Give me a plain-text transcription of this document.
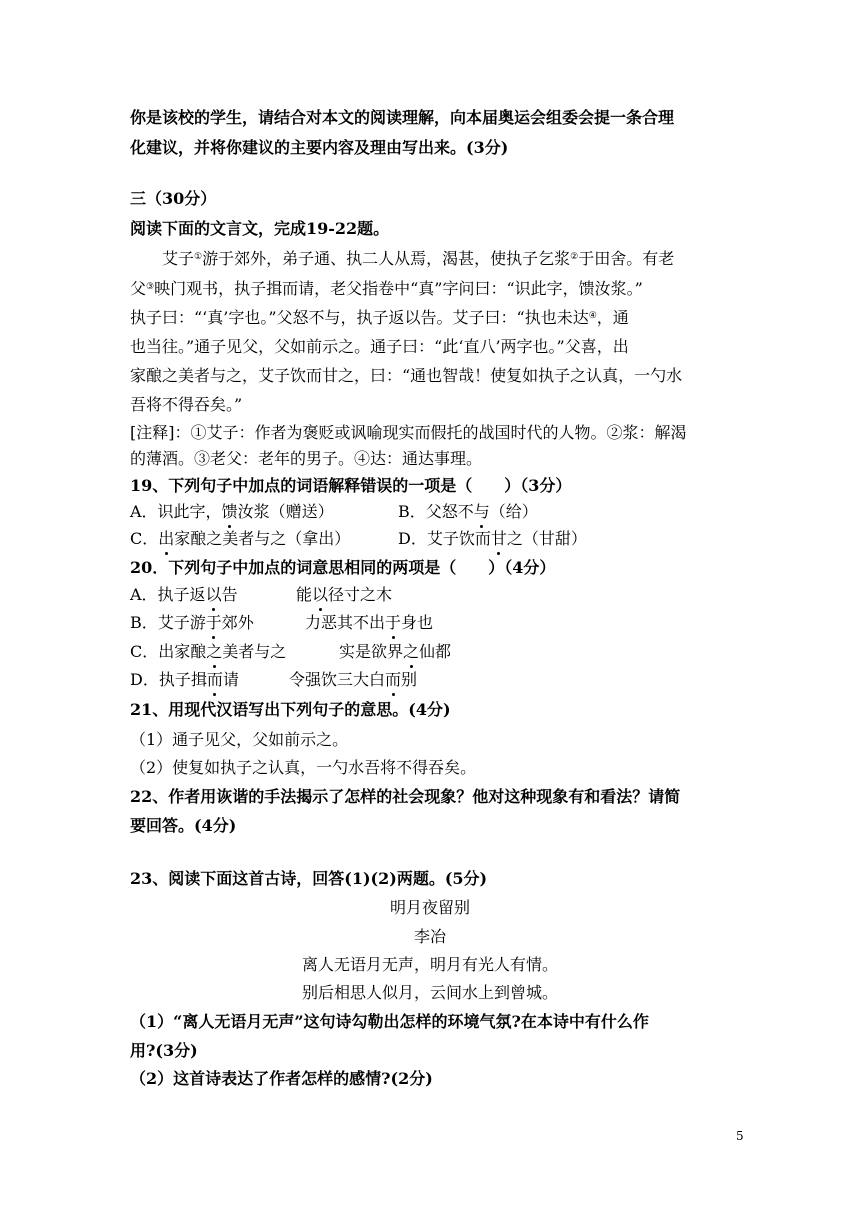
你是该校的学生，请结合对本文的阅读理解，向本届奥运会组委会提一条合理
化建议，并将你建议的主要内容及理由写出来。(3分)
三（30分）
阅读下面的文言文，完成19-22题。
艾子①游于郊外，弟子通、执二人从焉，渴甚，使执子乞浆②于田舍。有老
父③映门观书，执子揖而请，老父指卷中“真”字问曰：“识此字，馈汝浆。”
执子曰：“‘真’字也。”父怒不与，执子返以告。艾子曰：“执也未达④，通
也当往。”通子见父，父如前示之。通子曰：“此‘直八’两字也。”父喜，出
家酿之美者与之，艾子饮而甘之，曰：“通也智哉！使复如执子之认真，一勺水
吾将不得吞矣。”
[注释]：①艾子：作者为褒贬或讽喻现实而假托的战国时代的人物。②浆：解渴
的薄酒。③老父：老年的男子。④达：通达事理。
19、下列句子中加点的词语解释错误的一项是（　　）（3分）
A．识此字，馈汝浆（赠送）	B．父怒不与（给）
C．出家酿之美者与之（拿出）	D．艾子饮而甘之（甘甜）
20．下列句子中加点的词意思相同的两项是（　　）（4分）
A．执子返以告	能以径寸之木
B．艾子游于郊外	力恶其不出于身也
C．出家酿之美者与之	实是欲界之仙都
D．执子揖而请	令强饮三大白而别
21、用现代汉语写出下列句子的意思。(4分)
（1）通子见父，父如前示之。
（2）使复如执子之认真，一勺水吾将不得吞矣。
22、作者用诙谐的手法揭示了怎样的社会现象？他对这种现象有和看法？请简
要回答。(4分)
23、阅读下面这首古诗，回答(1)(2)两题。(5分)
明月夜留别
李冶
离人无语月无声，明月有光人有情。
别后相思人似月，云间水上到曾城。
（1）“离人无语月无声”这句诗勾勒出怎样的环境气氛?在本诗中有什么作
用?(3分)
（2）这首诗表达了作者怎样的感情?(2分)
5
